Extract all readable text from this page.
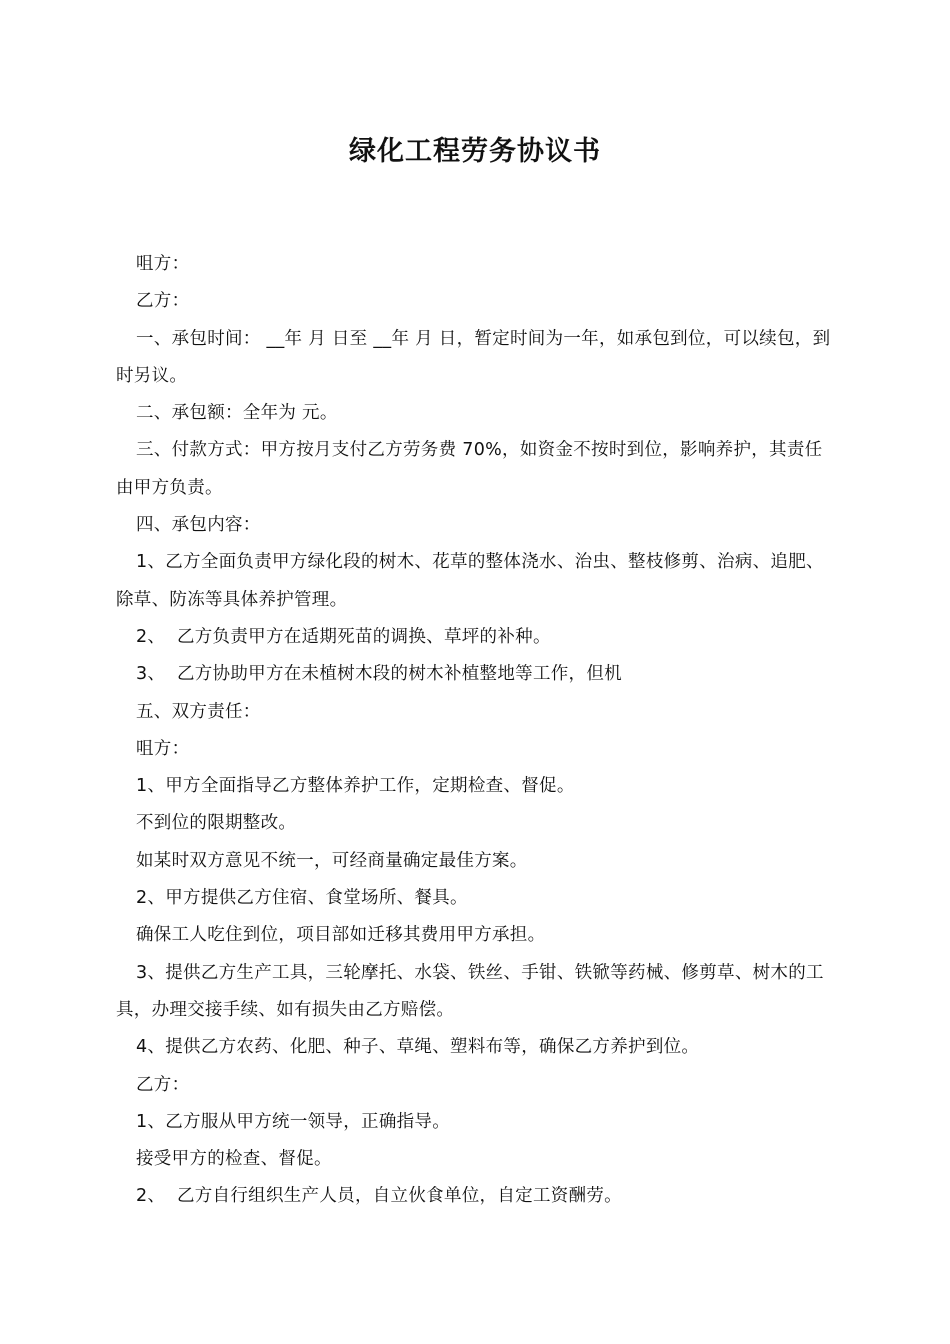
绿化工程劳务协议书

咀方：

乙方：

一、承包时间： __年 月 日至 __年 月 日，暂定时间为一年，如承包到位，可以续包，到时另议。

二、承包额：全年为 元。

三、付款方式：甲方按月支付乙方劳务费 70%，如资金不按时到位，影响养护，其责任由甲方负责。

四、承包内容：

1、乙方全面负责甲方绿化段的树木、花草的整体浇水、治虫、整枝修剪、治病、追肥、除草、防冻等具体养护管理。

2、  乙方负责甲方在适期死苗的调换、草坪的补种。

3、  乙方协助甲方在未植树木段的树木补植整地等工作，但机

五、双方责任：

咀方：

1、甲方全面指导乙方整体养护工作，定期检查、督促。

不到位的限期整改。

如某时双方意见不统一，可经商量确定最佳方案。

2、甲方提供乙方住宿、食堂场所、餐具。

确保工人吃住到位，项目部如迁移其费用甲方承担。

3、提供乙方生产工具，三轮摩托、水袋、铁丝、手钳、铁锨等药械、修剪草、树木的工具，办理交接手续、如有损失由乙方赔偿。

4、提供乙方农药、化肥、种子、草绳、塑料布等，确保乙方养护到位。

乙方：

1、乙方服从甲方统一领导，正确指导。

接受甲方的检查、督促。

2、  乙方自行组织生产人员，自立伙食单位，自定工资酬劳。
